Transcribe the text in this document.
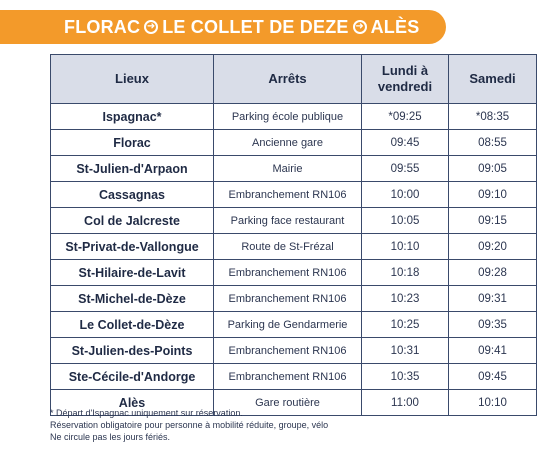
FLORAC ➜ LE COLLET DE DEZE ➜ ALÈS
Lieux	Arrêts	Lundi à vendredi	Samedi
Ispagnac*	Parking école publique	*09:25	*08:35
Florac	Ancienne gare	09:45	08:55
St-Julien-d'Arpaon	Mairie	09:55	09:05
Cassagnas	Embranchement RN106	10:00	09:10
Col de Jalcreste	Parking face restaurant	10:05	09:15
St-Privat-de-Vallongue	Route de St-Frézal	10:10	09:20
St-Hilaire-de-Lavit	Embranchement RN106	10:18	09:28
St-Michel-de-Dèze	Embranchement RN106	10:23	09:31
Le Collet-de-Dèze	Parking de Gendarmerie	10:25	09:35
St-Julien-des-Points	Embranchement RN106	10:31	09:41
Ste-Cécile-d'Andorge	Embranchement RN106	10:35	09:45
Alès	Gare routière	11:00	10:10
* Départ d'Ispagnac uniquement sur réservation.
Réservation obligatoire pour personne à mobilité réduite, groupe, vélo
Ne circule pas les jours fériés.
